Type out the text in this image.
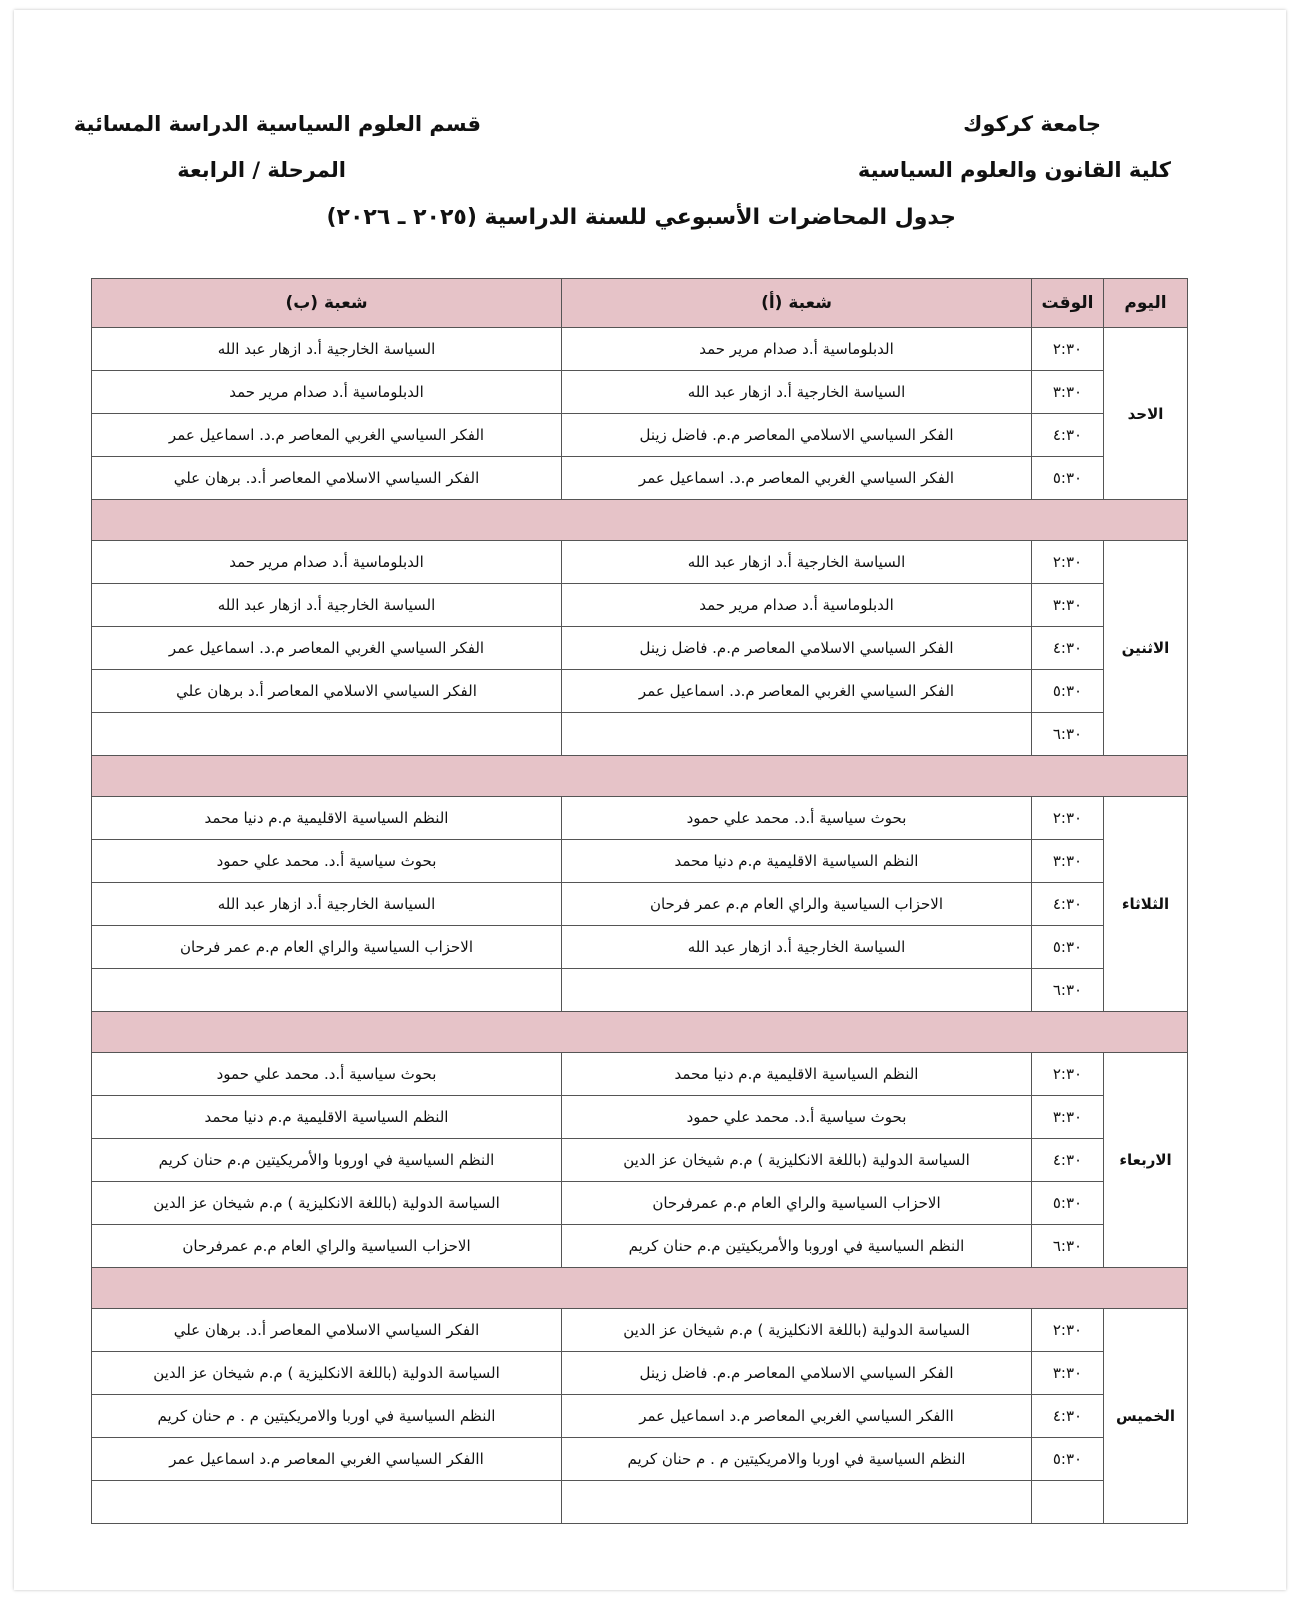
جامعة كركوك
كلية القانون والعلوم السياسية
قسم العلوم السياسية الدراسة المسائية
المرحلة / الرابعة
جدول المحاضرات الأسبوعي للسنة الدراسية (٢٠٢٥ ـ ٢٠٢٦)
اليوم	الوقت	شعبة (أ)	شعبة (ب)
الاحد	٢:٣٠	الدبلوماسية أ.د صدام مرير حمد	السياسة الخارجية أ.د ازهار عبد الله
	٣:٣٠	السياسة الخارجية أ.د ازهار عبد الله	الدبلوماسية أ.د صدام مرير حمد
	٤:٣٠	الفكر السياسي الاسلامي المعاصر م.م. فاضل زينل	الفكر السياسي الغربي المعاصر م.د. اسماعيل عمر
	٥:٣٠	الفكر السياسي الغربي المعاصر م.د. اسماعيل عمر	الفكر السياسي الاسلامي المعاصر أ.د. برهان علي

الاثنين	٢:٣٠	السياسة الخارجية أ.د ازهار عبد الله	الدبلوماسية أ.د صدام مرير حمد
	٣:٣٠	الدبلوماسية أ.د صدام مرير حمد	السياسة الخارجية أ.د ازهار عبد الله
	٤:٣٠	الفكر السياسي الاسلامي المعاصر م.م. فاضل زينل	الفكر السياسي الغربي المعاصر م.د. اسماعيل عمر
	٥:٣٠	الفكر السياسي الغربي المعاصر م.د. اسماعيل عمر	الفكر السياسي الاسلامي المعاصر أ.د برهان علي
	٦:٣٠		

الثلاثاء	٢:٣٠	بحوث سياسية أ.د. محمد علي حمود	النظم السياسية الاقليمية م.م دنيا محمد
	٣:٣٠	النظم السياسية الاقليمية م.م دنيا محمد	بحوث سياسية أ.د. محمد علي حمود
	٤:٣٠	الاحزاب السياسية والراي العام م.م عمر فرحان	السياسة الخارجية أ.د ازهار عبد الله
	٥:٣٠	السياسة الخارجية أ.د ازهار عبد الله	الاحزاب السياسية والراي العام م.م عمر فرحان
	٦:٣٠		

الاربعاء	٢:٣٠	النظم السياسية الاقليمية م.م دنيا محمد	بحوث سياسية أ.د. محمد علي حمود
	٣:٣٠	بحوث سياسية أ.د. محمد علي حمود	النظم السياسية الاقليمية م.م دنيا محمد
	٤:٣٠	السياسة الدولية (باللغة الانكليزية ) م.م شيخان عز الدين	النظم السياسية في اوروبا والأمريكيتين م.م حنان كريم
	٥:٣٠	الاحزاب السياسية والراي العام م.م عمرفرحان	السياسة الدولية (باللغة الانكليزية ) م.م شيخان عز الدين
	٦:٣٠	النظم السياسية في اوروبا والأمريكيتين م.م حنان كريم	الاحزاب السياسية والراي العام م.م عمرفرحان

الخميس	٢:٣٠	السياسة الدولية (باللغة الانكليزية ) م.م شيخان عز الدين	الفكر السياسي الاسلامي المعاصر أ.د. برهان علي
	٣:٣٠	الفكر السياسي الاسلامي المعاصر م.م. فاضل زينل	السياسة الدولية (باللغة الانكليزية ) م.م شيخان عز الدين
	٤:٣٠	االفكر السياسي الغربي المعاصر م.د اسماعيل عمر	النظم السياسية في اوربا والامريكيتين م . م حنان كريم
	٥:٣٠	النظم السياسية في اوربا والامريكيتين م . م حنان كريم	االفكر السياسي الغربي المعاصر م.د اسماعيل عمر
